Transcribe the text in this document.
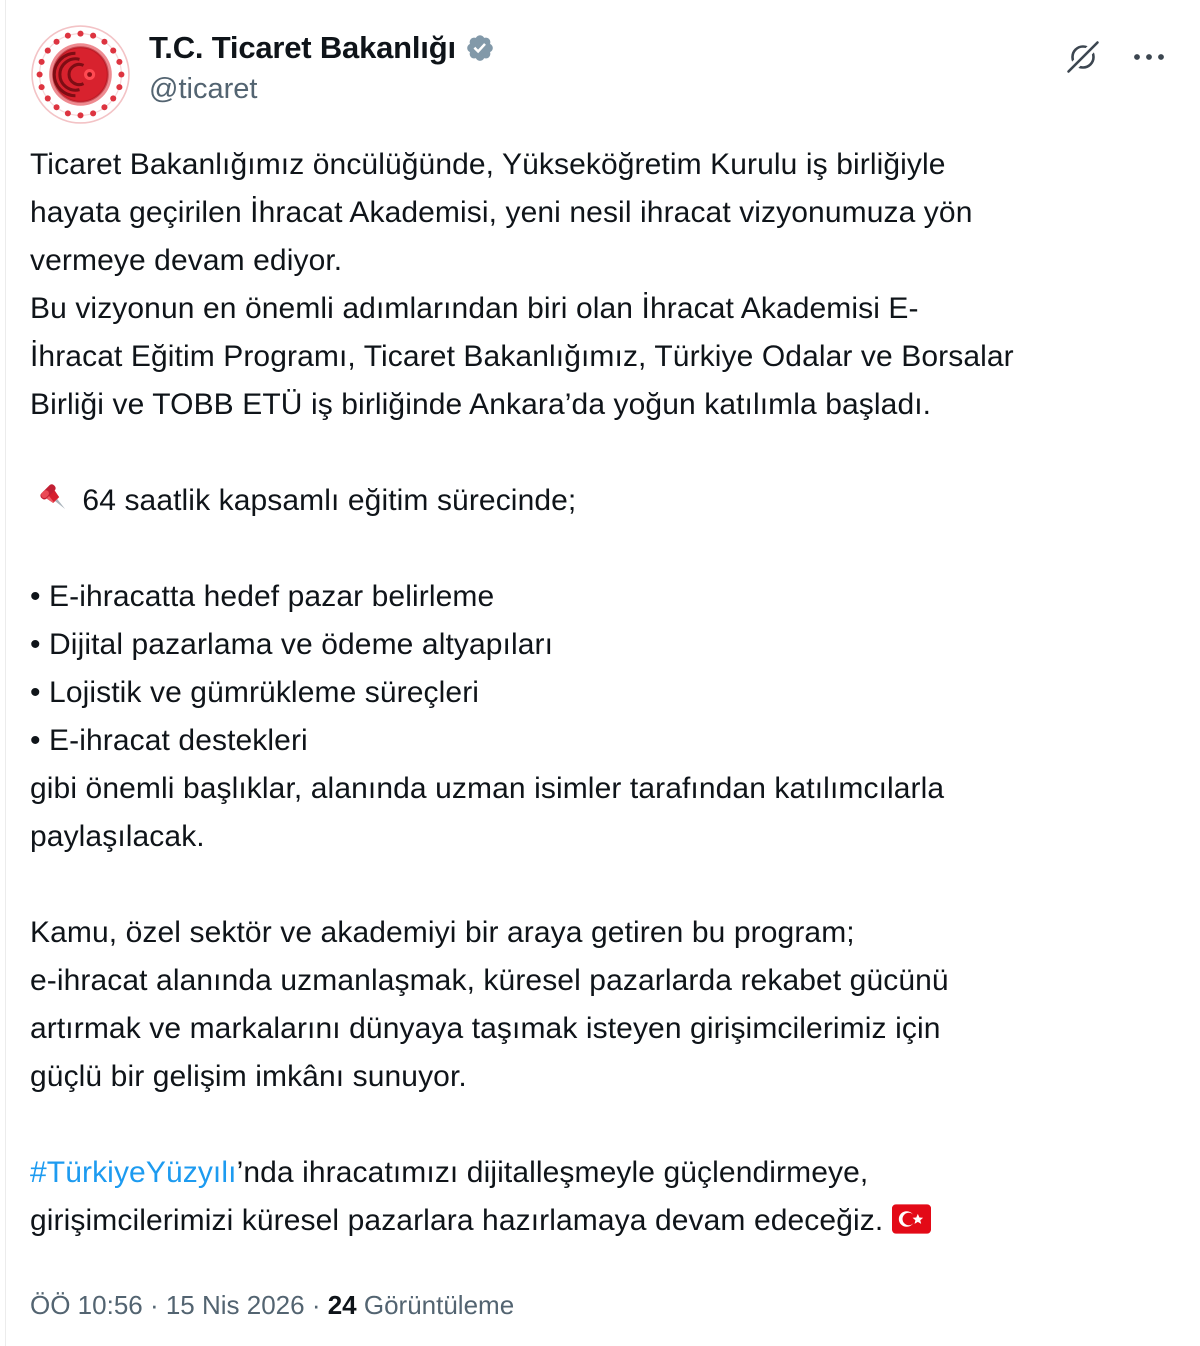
T.C. Ticaret Bakanlığı
@ticaret
Ticaret Bakanlığımız öncülüğünde, Yükseköğretim Kurulu iş birliğiyle
hayata geçirilen İhracat Akademisi, yeni nesil ihracat vizyonumuza yön
vermeye devam ediyor.
Bu vizyonun en önemli adımlarından biri olan İhracat Akademisi E-
İhracat Eğitim Programı, Ticaret Bakanlığımız, Türkiye Odalar ve Borsalar
Birliği ve TOBB ETÜ iş birliğinde Ankara’da yoğun katılımla başladı.

64 saatlik kapsamlı eğitim sürecinde;

• E-ihracatta hedef pazar belirleme
• Dijital pazarlama ve ödeme altyapıları
• Lojistik ve gümrükleme süreçleri
• E-ihracat destekleri
gibi önemli başlıklar, alanında uzman isimler tarafından katılımcılarla
paylaşılacak.

Kamu, özel sektör ve akademiyi bir araya getiren bu program;
e-ihracat alanında uzmanlaşmak, küresel pazarlarda rekabet gücünü
artırmak ve markalarını dünyaya taşımak isteyen girişimcilerimiz için
güçlü bir gelişim imkânı sunuyor.

#TürkiyeYüzyılı’nda ihracatımızı dijitalleşmeyle güçlendirmeye,
girişimcilerimizi küresel pazarlara hazırlamaya devam edeceğiz.
ÖÖ 10:56 · 15 Nis 2026 · 24 Görüntüleme
